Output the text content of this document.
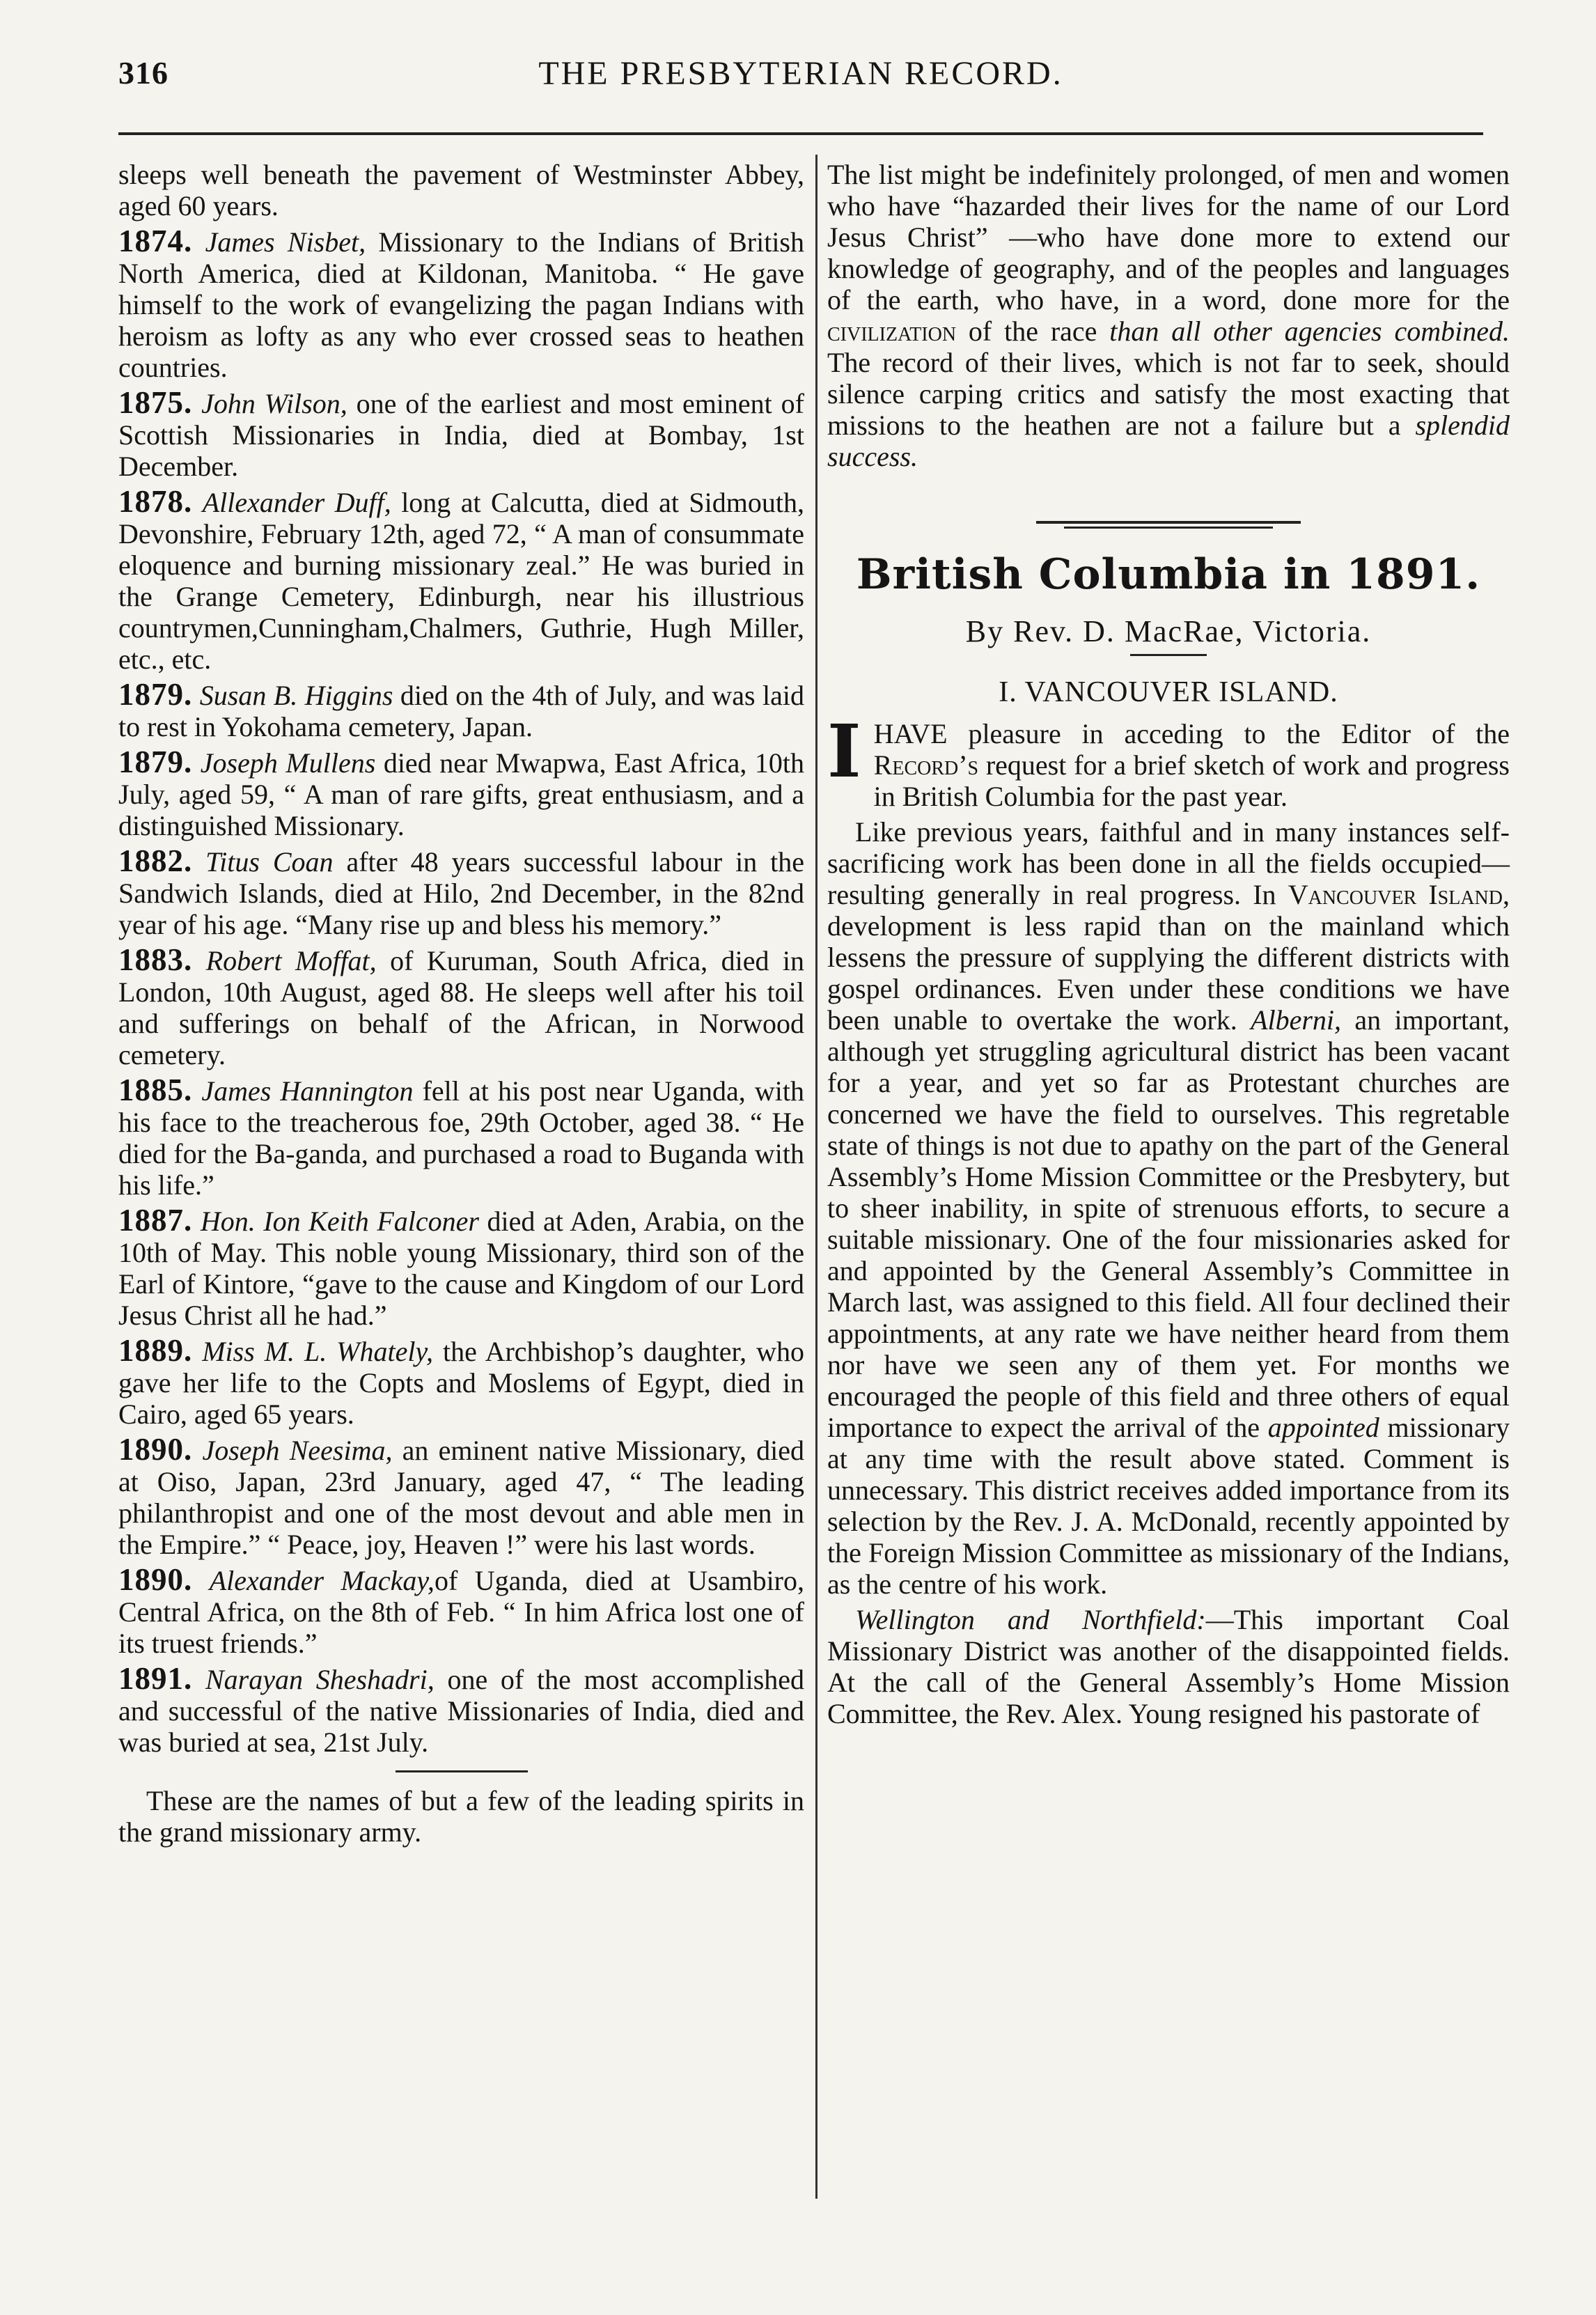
316	THE PRESBYTERIAN RECORD.

sleeps well beneath the pavement of Westminster Abbey, aged 60 years.

1874. James Nisbet, Missionary to the Indians of British North America, died at Kildonan, Manitoba. “ He gave himself to the work of evangelizing the pagan Indians with heroism as lofty as any who ever crossed seas to heathen countries.

1875. John Wilson, one of the earliest and most eminent of Scottish Missionaries in India, died at Bombay, 1st December.

1878. Allexander Duff, long at Calcutta, died at Sidmouth, Devonshire, February 12th, aged 72, “ A man of consummate eloquence and burning missionary zeal.” He was buried in the Grange Cemetery, Edinburgh, near his illustrious countrymen,Cunningham,Chalmers, Guthrie, Hugh Miller, etc., etc.

1879. Susan B. Higgins died on the 4th of July, and was laid to rest in Yokohama cemetery, Japan.

1879. Joseph Mullens died near Mwapwa, East Africa, 10th July, aged 59, “ A man of rare gifts, great enthusiasm, and a distinguished Missionary.

1882. Titus Coan after 48 years successful labour in the Sandwich Islands, died at Hilo, 2nd December, in the 82nd year of his age. “Many rise up and bless his memory.”

1883. Robert Moffat, of Kuruman, South Africa, died in London, 10th August, aged 88. He sleeps well after his toil and sufferings on behalf of the African, in Norwood cemetery.

1885. James Hannington fell at his post near Uganda, with his face to the treacherous foe, 29th October, aged 38. “ He died for the Ba-ganda, and purchased a road to Buganda with his life.”

1887. Hon. Ion Keith Falconer died at Aden, Arabia, on the 10th of May. This noble young Missionary, third son of the Earl of Kintore, “gave to the cause and Kingdom of our Lord Jesus Christ all he had.”

1889. Miss M. L. Whately, the Archbishop’s daughter, who gave her life to the Copts and Moslems of Egypt, died in Cairo, aged 65 years.

1890. Joseph Neesima, an eminent native Missionary, died at Oiso, Japan, 23rd January, aged 47, “ The leading philanthropist and one of the most devout and able men in the Empire.” “ Peace, joy, Heaven !” were his last words.

1890. Alexander Mackay,of Uganda, died at Usambiro, Central Africa, on the 8th of Feb. “ In him Africa lost one of its truest friends.”

1891. Narayan Sheshadri, one of the most accomplished and successful of the native Missionaries of India, died and was buried at sea, 21st July.

These are the names of but a few of the leading spirits in the grand missionary army.

The list might be indefinitely prolonged, of men and women who have “hazarded their lives for the name of our Lord Jesus Christ” —who have done more to extend our knowledge of geography, and of the peoples and languages of the earth, who have, in a word, done more for the civilization of the race than all other agencies combined. The record of their lives, which is not far to seek, should silence carping critics and satisfy the most exacting that missions to the heathen are not a failure but a splendid success.

British Columbia in 1891.
By Rev. D. MacRae, Victoria.
I. VANCOUVER ISLAND.

IHAVE pleasure in acceding to the Editor of the Record’s request for a brief sketch of work and progress in British Columbia for the past year.

Like previous years, faithful and in many instances self-sacrificing work has been done in all the fields occupied—resulting generally in real progress. In Vancouver Island, development is less rapid than on the mainland which lessens the pressure of supplying the different districts with gospel ordinances. Even under these conditions we have been unable to overtake the work. Alberni, an important, although yet struggling agricultural district has been vacant for a year, and yet so far as Protestant churches are concerned we have the field to ourselves. This regretable state of things is not due to apathy on the part of the General Assembly’s Home Mission Committee or the Presbytery, but to sheer inability, in spite of strenuous efforts, to secure a suitable missionary. One of the four missionaries asked for and appointed by the General Assembly’s Committee in March last, was assigned to this field. All four declined their appointments, at any rate we have neither heard from them nor have we seen any of them yet. For months we encouraged the people of this field and three others of equal importance to expect the arrival of the appointed missionary at any time with the result above stated. Comment is unnecessary. This district receives added importance from its selection by the Rev. J. A. McDonald, recently appointed by the Foreign Mission Committee as missionary of the Indians, as the centre of his work.

Wellington and Northfield:—This important Coal Missionary District was another of the disappointed fields. At the call of the General Assembly’s Home Mission Committee, the Rev. Alex. Young resigned his pastorate of
